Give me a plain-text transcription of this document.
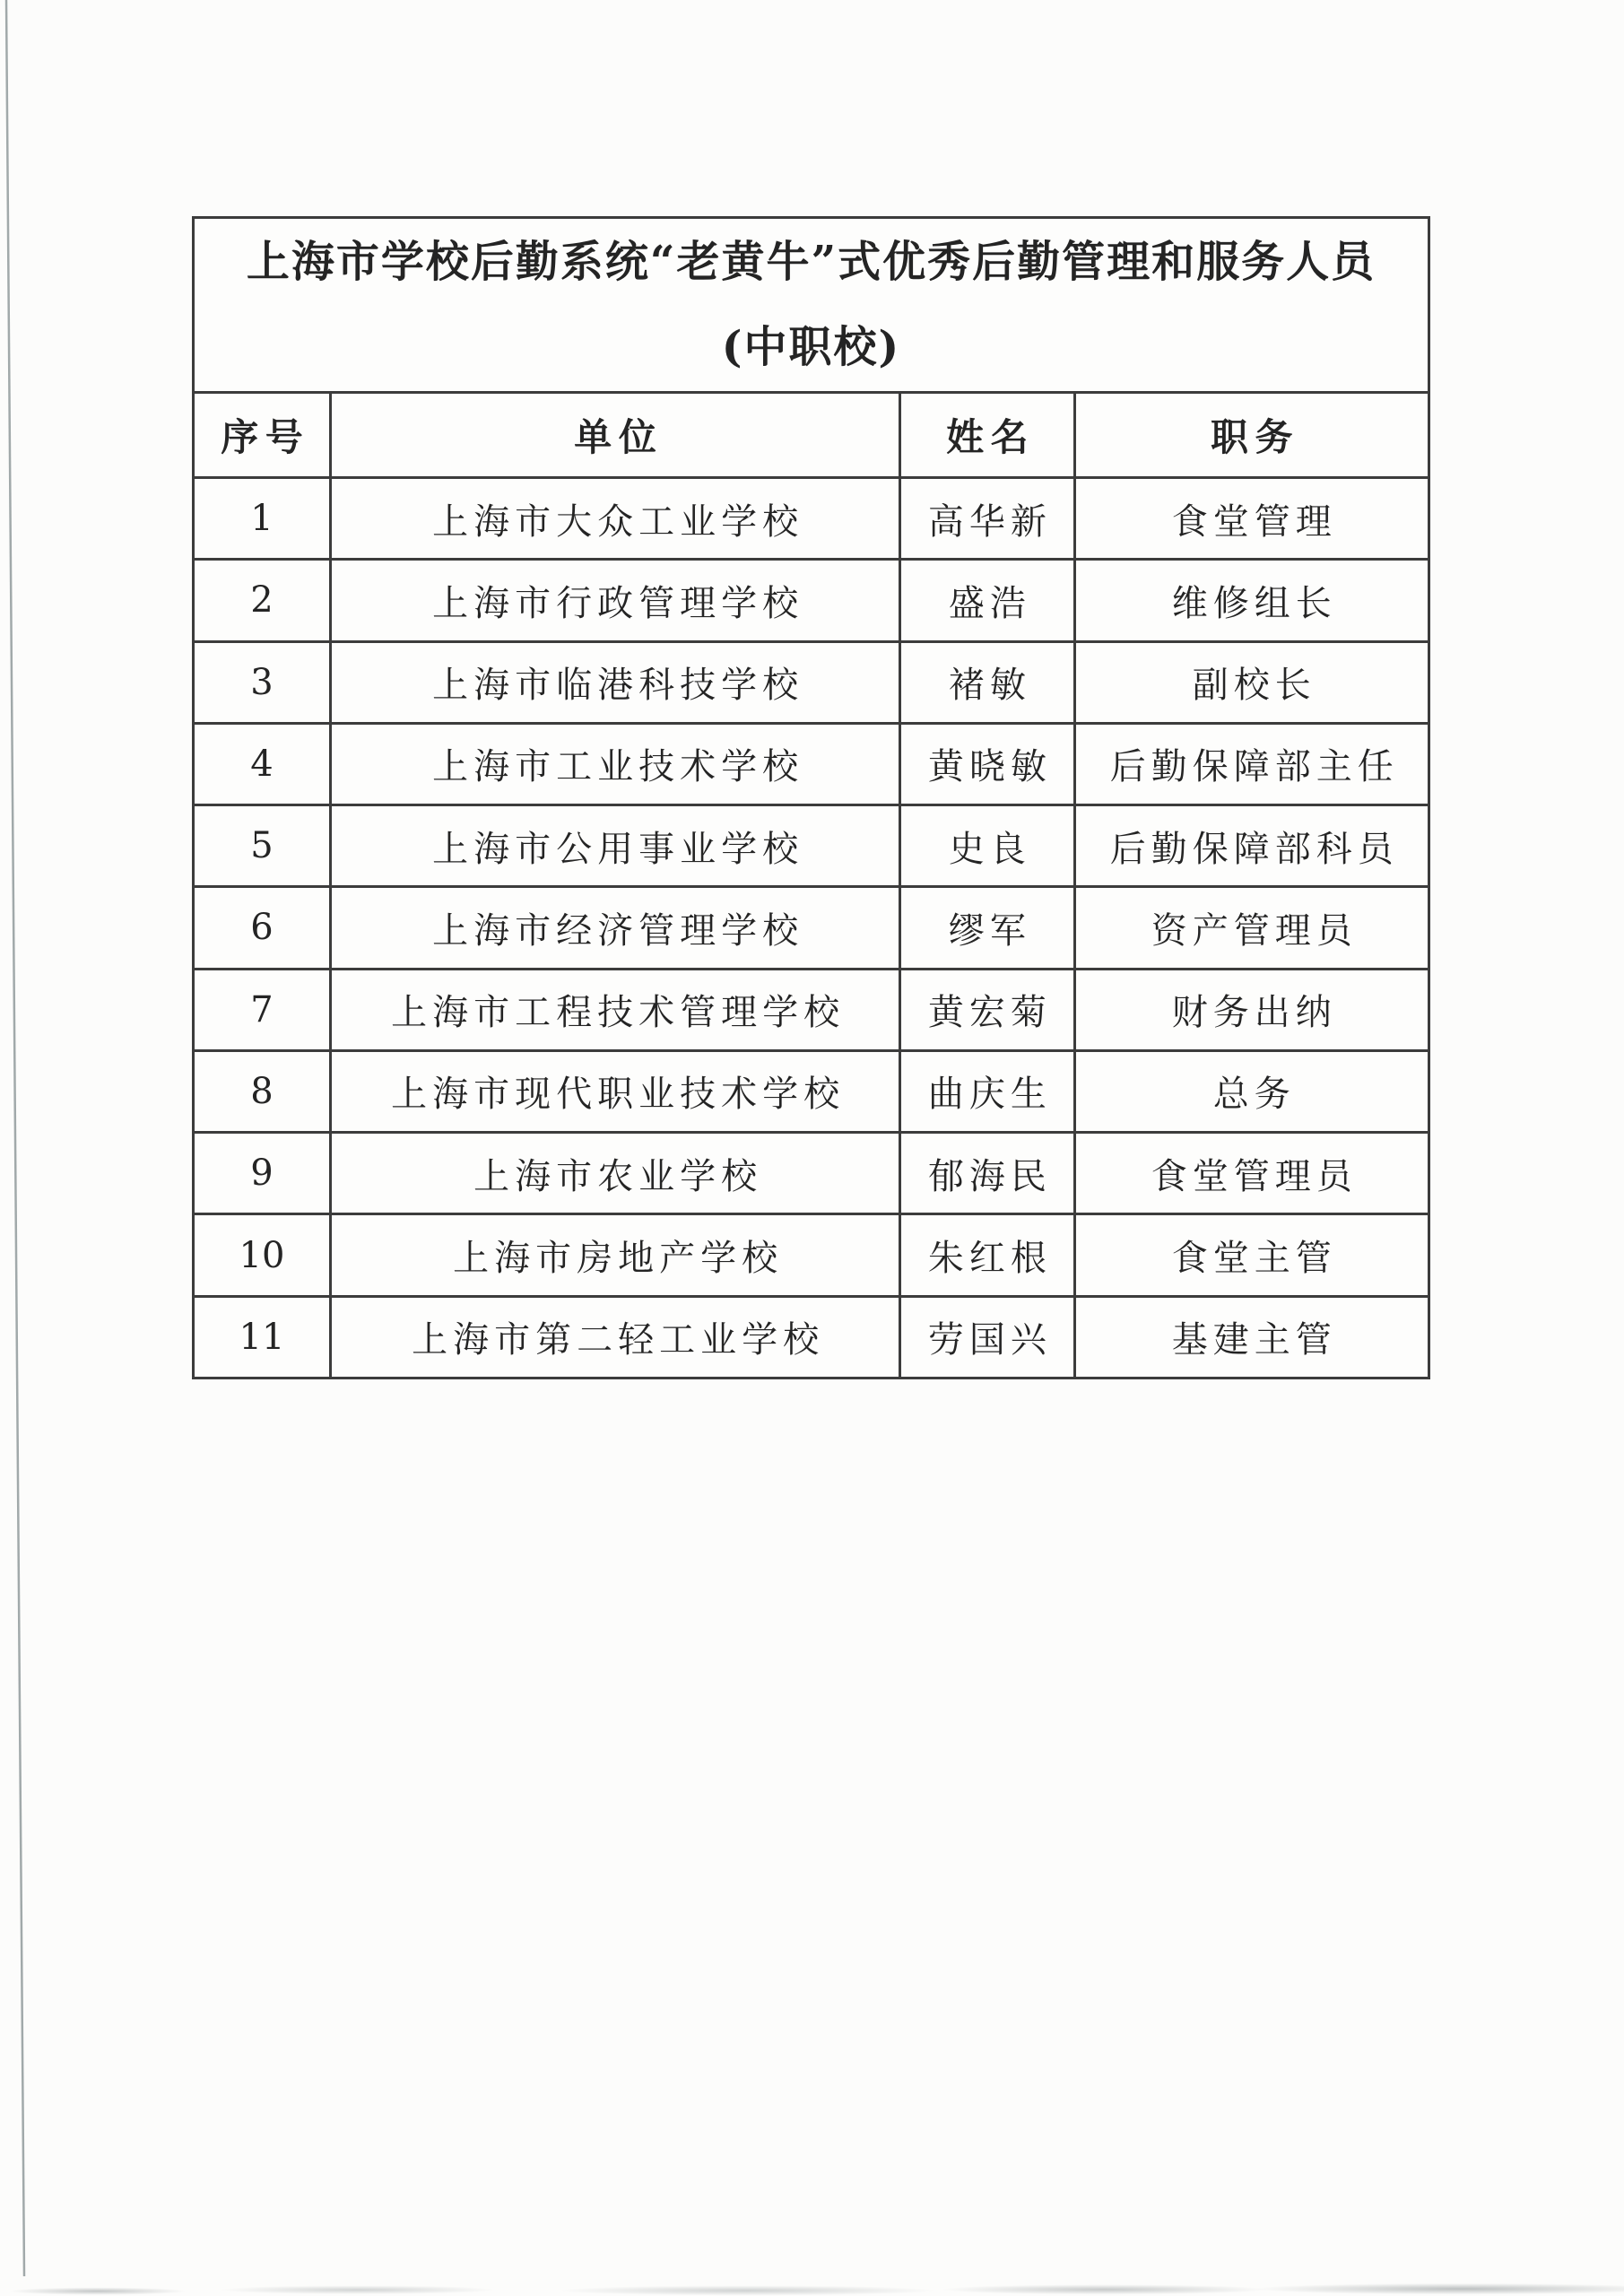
上海市学校后勤系统“老黄牛”式优秀后勤管理和服务人员
(中职校)			

序号	单位	姓名	职务
1	上海市大众工业学校	高华新	食堂管理
2	上海市行政管理学校	盛浩	维修组长
3	上海市临港科技学校	褚敏	副校长
4	上海市工业技术学校	黄晓敏	后勤保障部主任
5	上海市公用事业学校	史良	后勤保障部科员
6	上海市经济管理学校	缪军	资产管理员
7	上海市工程技术管理学校	黄宏菊	财务出纳
8	上海市现代职业技术学校	曲庆生	总务
9	上海市农业学校	郁海民	食堂管理员
10	上海市房地产学校	朱红根	食堂主管
11	上海市第二轻工业学校	劳国兴	基建主管
